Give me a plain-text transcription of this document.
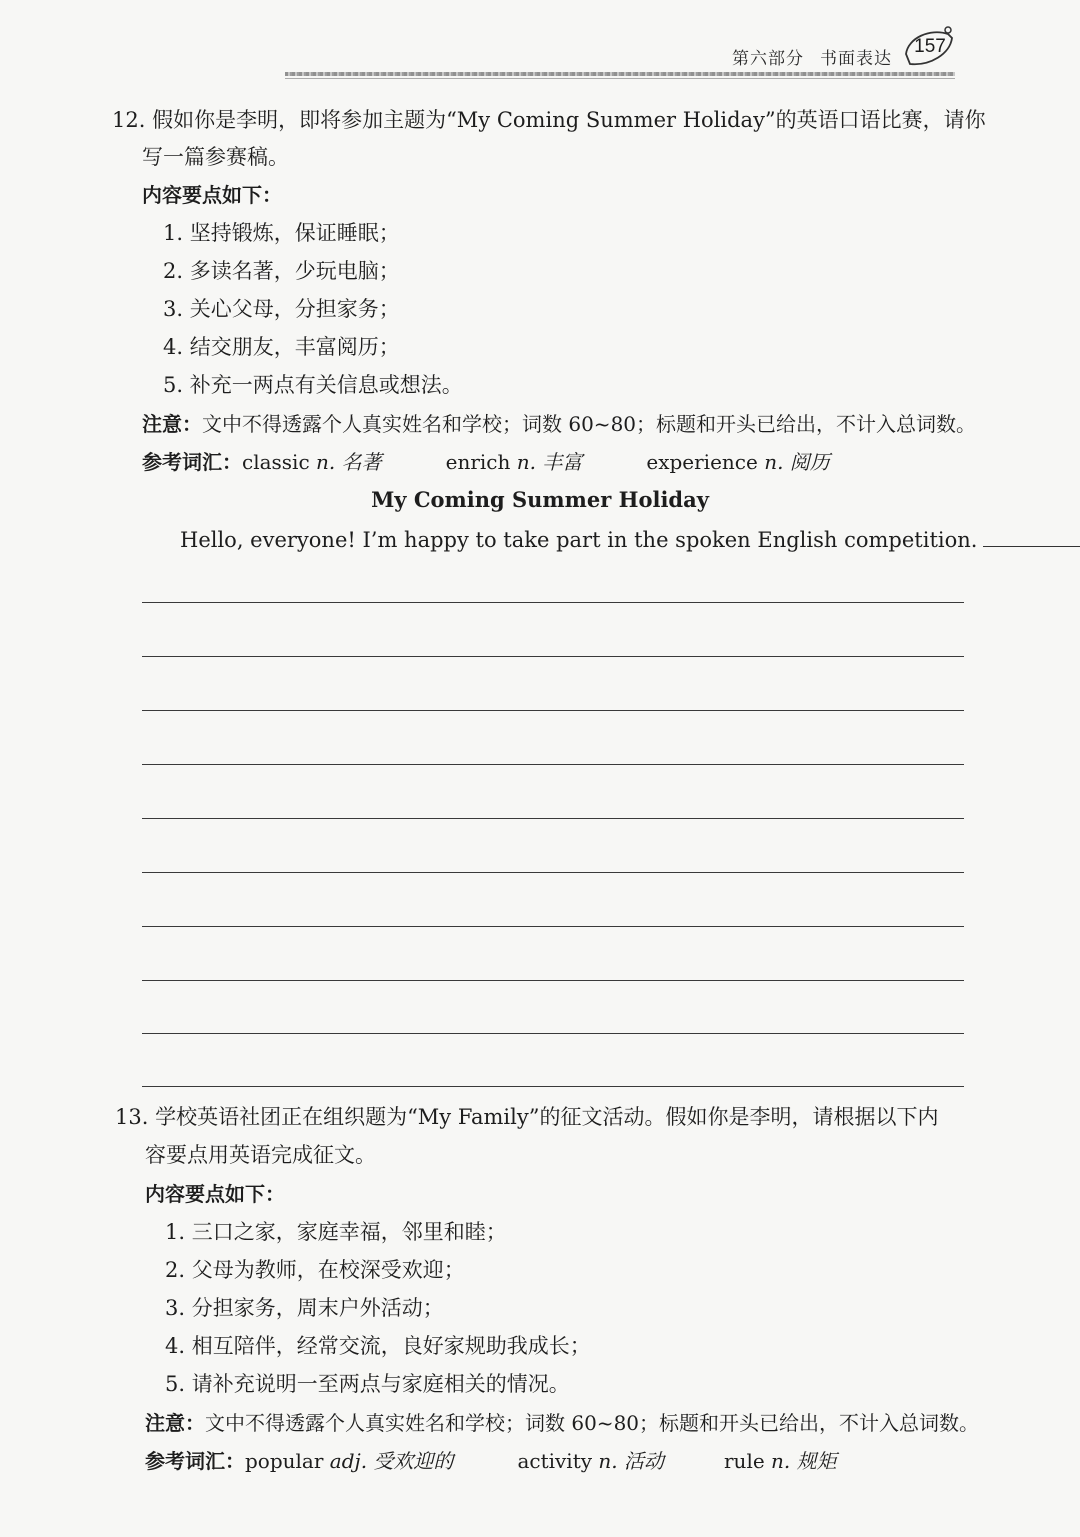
第六部分 书面表达
157
12. 假如你是李明，即将参加主题为“My Coming Summer Holiday”的英语口语比赛，请你
写一篇参赛稿。
内容要点如下：
1. 坚持锻炼，保证睡眠；
2. 多读名著，少玩电脑；
3. 关心父母，分担家务；
4. 结交朋友，丰富阅历；
5. 补充一两点有关信息或想法。
注意：文中不得透露个人真实姓名和学校；词数 60~80；标题和开头已给出，不计入总词数。
参考词汇：classic n. 名著	enrich n. 丰富	experience n. 阅历
My Coming Summer Holiday
Hello, everyone! I’m happy to take part in the spoken English competition.
13. 学校英语社团正在组织题为“My Family”的征文活动。假如你是李明，请根据以下内
容要点用英语完成征文。
内容要点如下：
1. 三口之家，家庭幸福，邻里和睦；
2. 父母为教师，在校深受欢迎；
3. 分担家务，周末户外活动；
4. 相互陪伴，经常交流，良好家规助我成长；
5. 请补充说明一至两点与家庭相关的情况。
注意：文中不得透露个人真实姓名和学校；词数 60~80；标题和开头已给出，不计入总词数。
参考词汇：popular adj. 受欢迎的	activity n. 活动	rule n. 规矩
